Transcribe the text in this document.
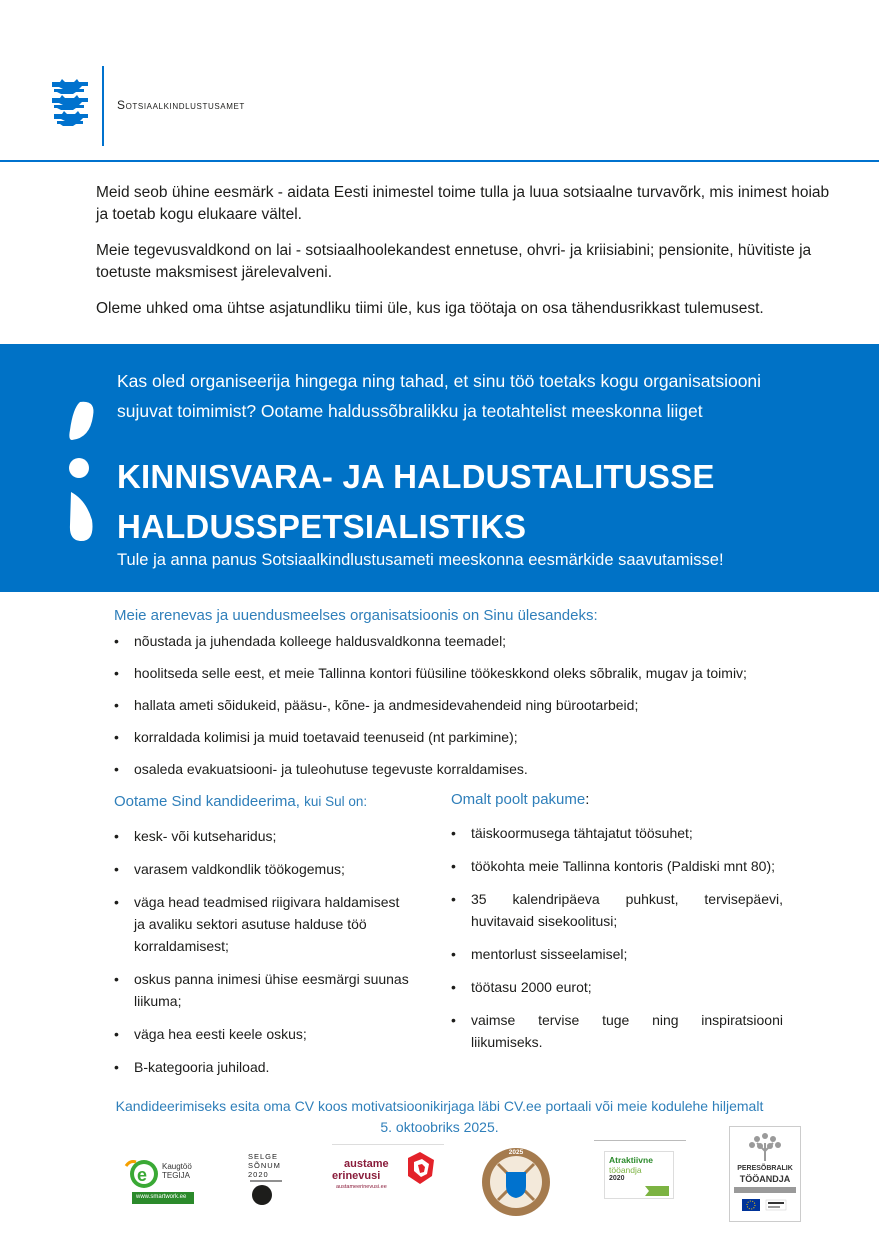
Sotsiaalkindlustusamet

Meid seob ühine eesmärk - aidata Eesti inimestel toime tulla ja luua sotsiaalne turvavõrk, mis inimest hoiab ja toetab kogu elukaare vältel.

Meie tegevusvaldkond on lai - sotsiaalhoolekandest ennetuse, ohvri- ja kriisiabini; pensionite, hüvitiste ja toetuste maksmisest järelevalveni.

Oleme uhked oma ühtse asjatundliku tiimi üle, kus iga töötaja on osa tähendusrikkast tulemusest.

Kas oled organiseerija hingega ning tahad, et sinu töö toetaks kogu organisatsiooni sujuvat toimimist? Ootame haldussõbralikku ja teotahtelist meeskonna liiget
KINNISVARA- JA HALDUSTALITUSSE
HALDUSSPETSIALISTIKS
Tule ja anna panus Sotsiaalkindlustusameti meeskonna eesmärkide saavutamisse!
Meie arenevas ja uuendusmeelses organisatsioonis on Sinu ülesandeks:
• nõustada ja juhendada kolleege haldusvaldkonna teemadel;
• hoolitseda selle eest, et meie Tallinna kontori füüsiline töökeskkond oleks sõbralik, mugav ja toimiv;
• hallata ameti sõidukeid, pääsu-, kõne- ja andmesidevahendeid ning bürootarbeid;
• korraldada kolimisi ja muid toetavaid teenuseid (nt parkimine);
• osaleda evakuatsiooni- ja tuleohutuse tegevuste korraldamises.
Ootame Sind kandideerima, kui Sul on:
• kesk- või kutseharidus;
• varasem valdkondlik töökogemus;
• väga head teadmised riigivara haldamisest ja avaliku sektori asutuse halduse töö korraldamisest;
• oskus panna inimesi ühise eesmärgi suunas liikuma;
• väga hea eesti keele oskus;
• B-kategooria juhiload.
Omalt poolt pakume:
• täiskoormusega tähtajatut töösuhet;
• töökohta meie Tallinna kontoris (Paldiski mnt 80);
• 35 kalendripäeva puhkust, tervisepäevi, huvitavaid sisekoolitusi;
• mentorlust sisseelamisel;
• töötasu 2000 eurot;
• vaimse tervise tuge ning inspiratsiooni liikumiseks.
Kandideerimiseks esita oma CV koos motivatsioonikirjaga läbi CV.ee portaali või meie kodulehe hiljemalt
5. oktoobriks 2025.
e Kaugtöö
TEGIJA
www.smartwork.ee
SELGE
SÕNUM
2020
austame
erinevusi
austameerinevusi.ee
2025
Atraktiivne
tööandja
2020
PERESÕBRALIK
TÖÖANDJA
